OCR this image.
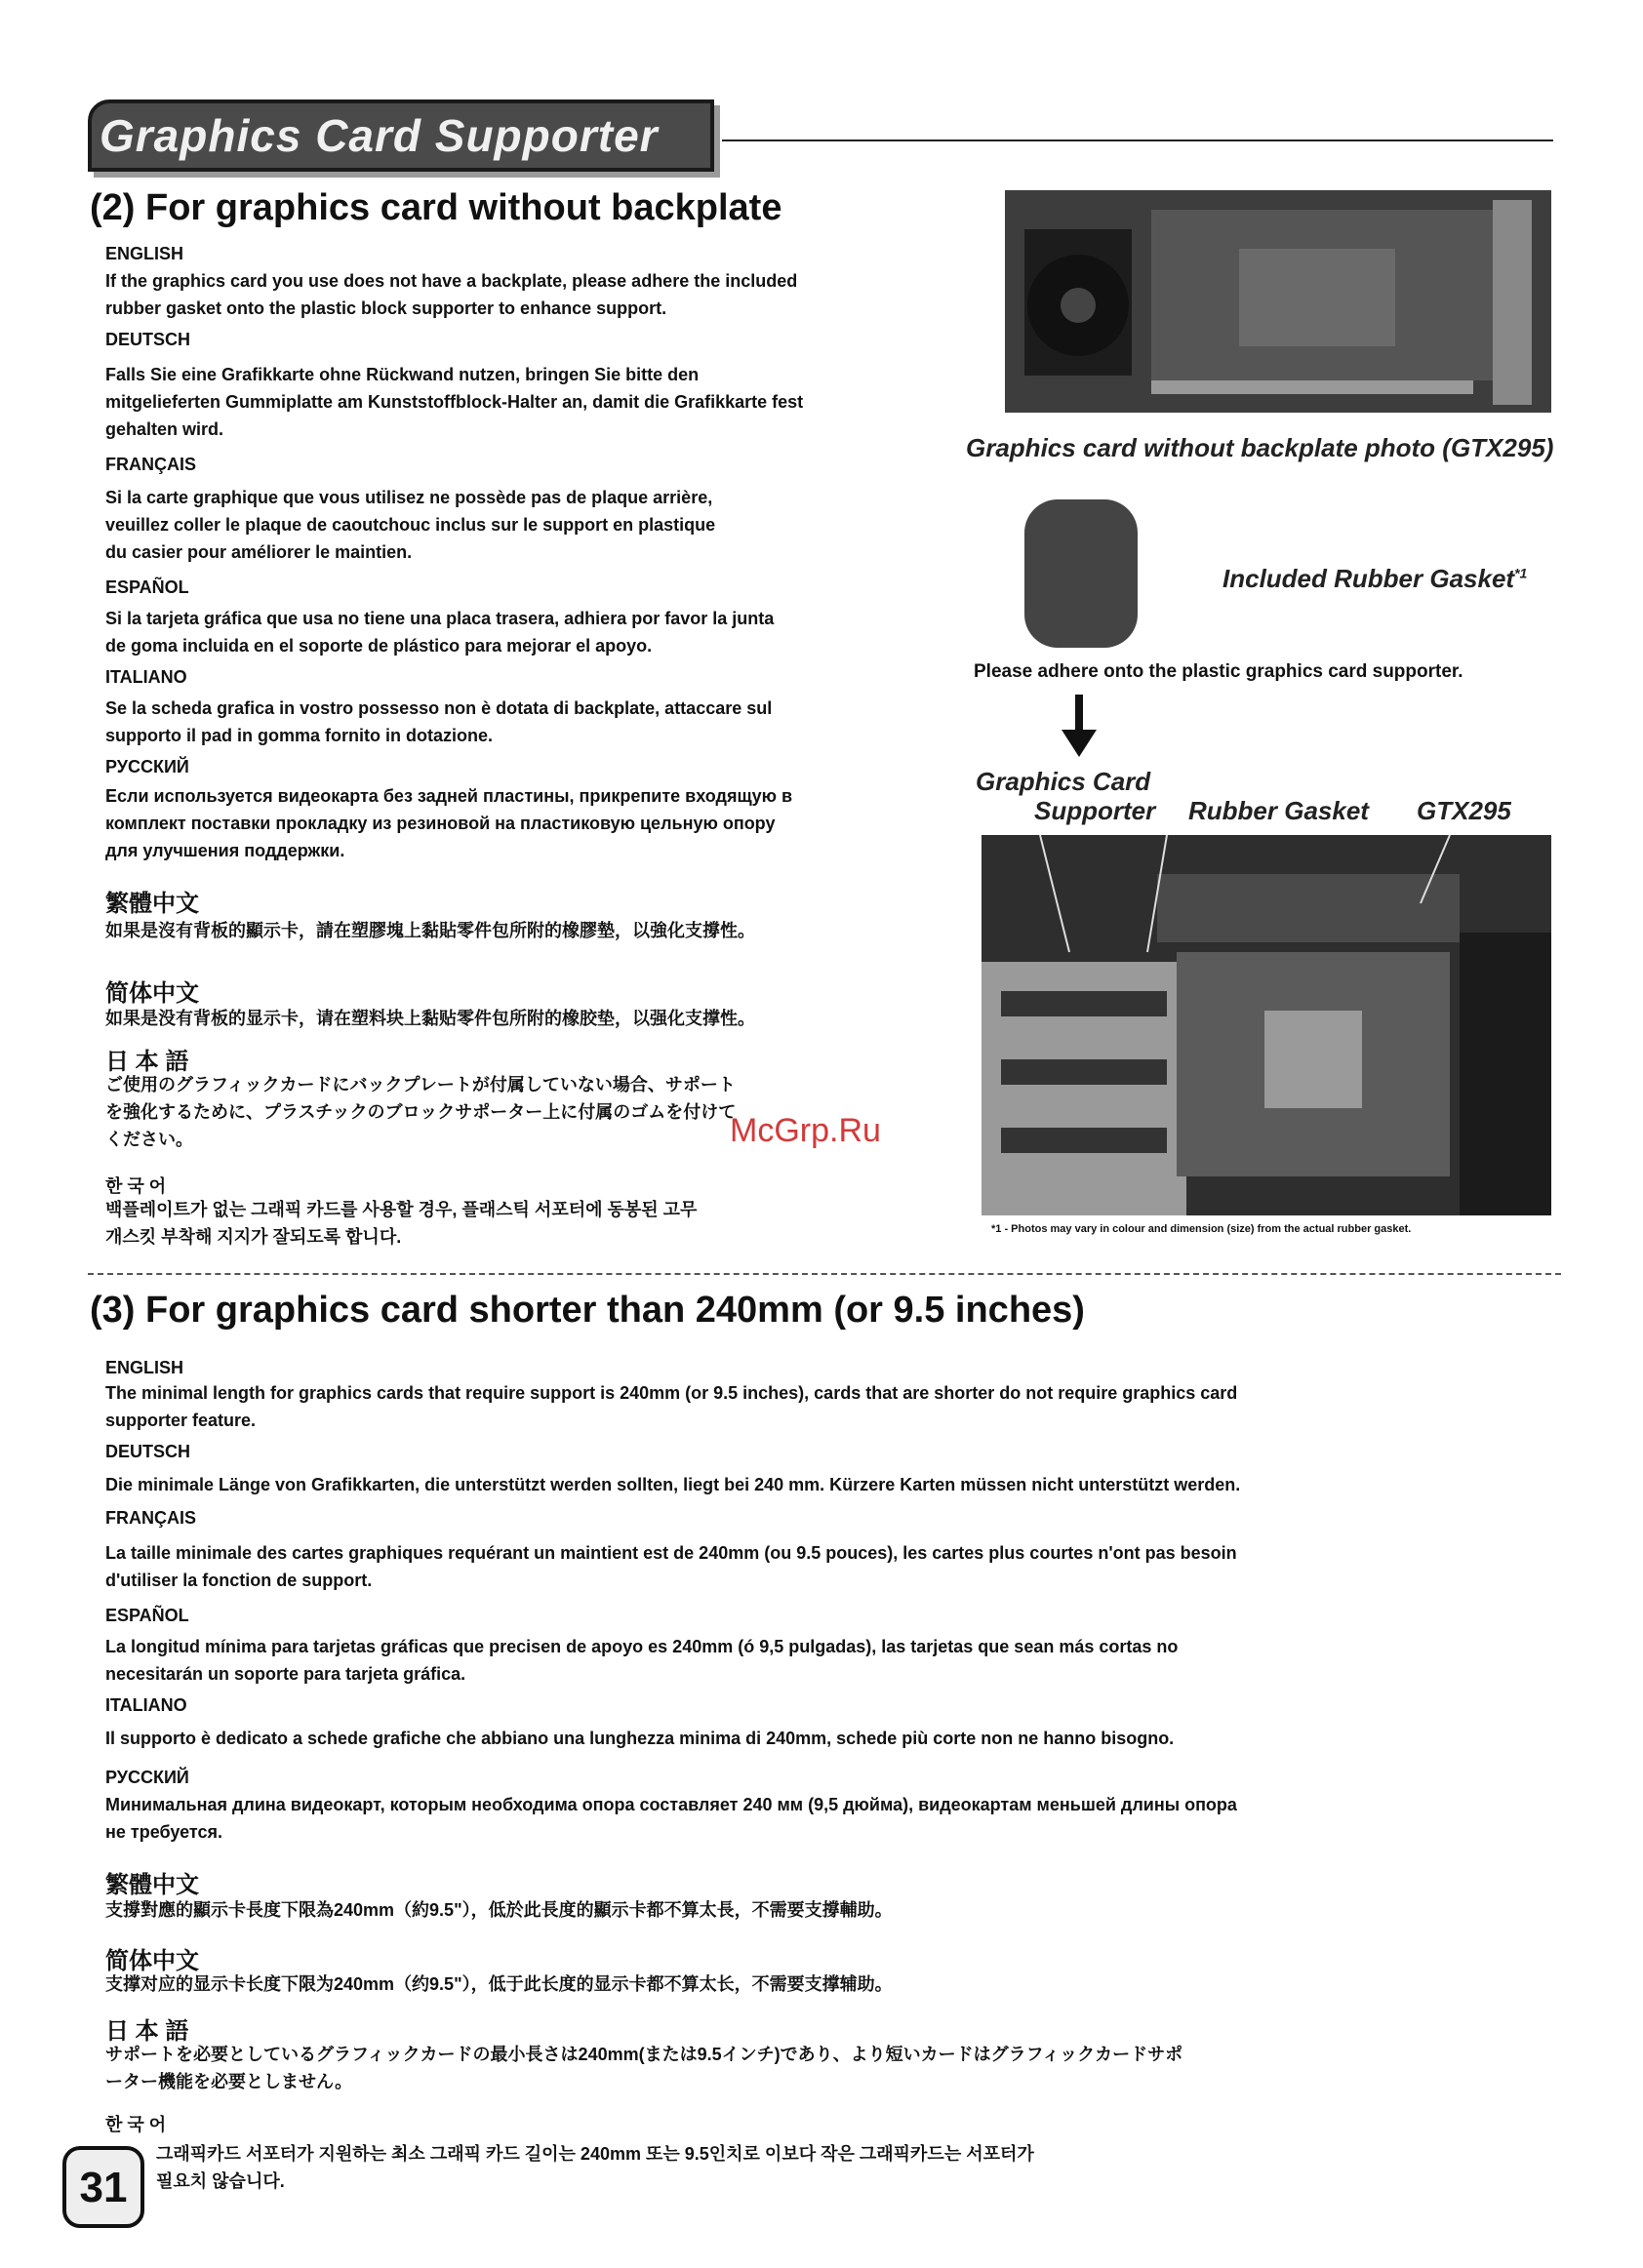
Graphics Card Supporter
(2) For graphics card without backplate
ENGLISH
If the graphics card you use does not have a backplate, please adhere the included
rubber gasket onto the plastic block supporter to enhance support.
DEUTSCH
Falls Sie eine Grafikkarte ohne Rückwand nutzen, bringen Sie bitte den
mitgelieferten Gummiplatte am Kunststoffblock-Halter an, damit die Grafikkarte fest
gehalten wird.
FRANÇAIS
Si la carte graphique que vous utilisez ne possède pas de plaque arrière,
veuillez coller le plaque de caoutchouc inclus sur le support en plastique
du casier pour améliorer le maintien.
ESPAÑOL
Si la tarjeta gráfica que usa no tiene una placa trasera, adhiera por favor la junta
de goma incluida en el soporte de plástico para mejorar el apoyo.
ITALIANO
Se la scheda grafica in vostro possesso non è dotata di backplate, attaccare sul
supporto il pad in gomma fornito in dotazione.
РУССКИЙ
Если используется видеокарта без задней пластины, прикрепите входящую в
комплект поставки прокладку из резиновой на пластиковую цельную опору
для улучшения поддержки.
繁體中文
如果是沒有背板的顯示卡，請在塑膠塊上黏貼零件包所附的橡膠墊，以強化支撐性。
简体中文
如果是没有背板的显示卡，请在塑料块上黏贴零件包所附的橡胶垫，以强化支撑性。
日 本 語
ご使用のグラフィックカードにバックプレートが付属していない場合、サポート
を強化するために、プラスチックのブロックサポーター上に付属のゴムを付けて
ください。
한 국 어
백플레이트가 없는 그래픽 카드를 사용할 경우, 플래스틱 서포터에 동봉된 고무
개스킷 부착해 지지가 잘되도록 합니다.
Graphics card without backplate photo (GTX295)
Included Rubber Gasket$^{*1}$
Please adhere onto the plastic graphics card supporter.
Graphics Card
Supporter Rubber Gasket GTX295
*1 - Photos may vary in colour and dimension (size) from the actual rubber gasket.
McGrp.Ru
(3) For graphics card shorter than 240mm (or 9.5 inches)
ENGLISH
The minimal length for graphics cards that require support is 240mm (or 9.5 inches), cards that are shorter do not require graphics card
supporter feature.
DEUTSCH
Die minimale Länge von Grafikkarten, die unterstützt werden sollten, liegt bei 240 mm. Kürzere Karten müssen nicht unterstützt werden.
FRANÇAIS
La taille minimale des cartes graphiques requérant un maintient est de 240mm (ou 9.5 pouces), les cartes plus courtes n'ont pas besoin
d'utiliser la fonction de support.
ESPAÑOL
La longitud mínima para tarjetas gráficas que precisen de apoyo es 240mm (ó 9,5 pulgadas), las tarjetas que sean más cortas no
necesitarán un soporte para tarjeta gráfica.
ITALIANO
Il supporto è dedicato a schede grafiche che abbiano una lunghezza minima di 240mm, schede più corte non ne hanno bisogno.
РУССКИЙ
Минимальная длина видеокарт, которым необходима опора составляет 240 мм (9,5 дюйма), видеокартам меньшей длины опора
не требуется.
繁體中文
支撐對應的顯示卡長度下限為240mm（約9.5"），低於此長度的顯示卡都不算太長，不需要支撐輔助。
简体中文
支撑对应的显示卡长度下限为240mm（约9.5"），低于此长度的显示卡都不算太长，不需要支撑辅助。
日 本 語
サポートを必要としているグラフィックカードの最小長さは240mm(または9.5インチ)であり、より短いカードはグラフィックカードサポ
ーター機能を必要としません。
한 국 어
그래픽카드 서포터가 지원하는 최소 그래픽 카드 길이는 240mm 또는 9.5인치로 이보다 작은 그래픽카드는 서포터가
필요치 않습니다.
31
